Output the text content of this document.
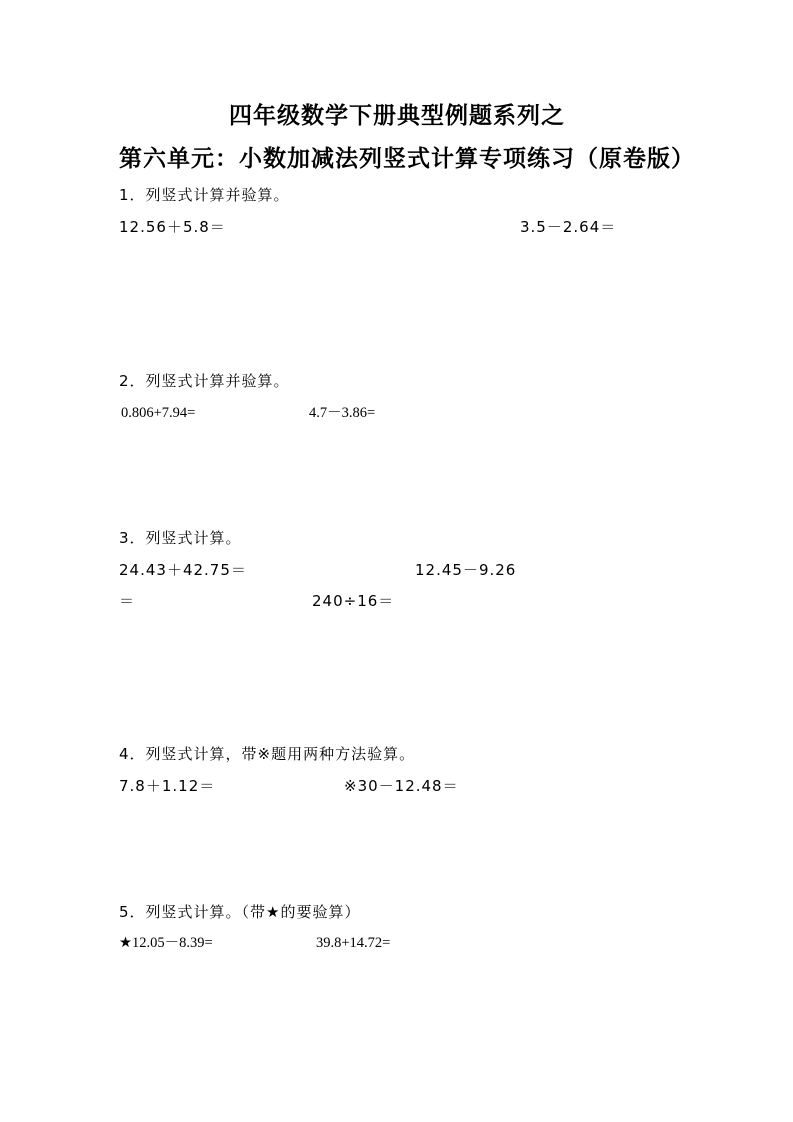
四年级数学下册典型例题系列之
第六单元：小数加减法列竖式计算专项练习（原卷版）
1．列竖式计算并验算。
12.56＋5.8＝	3.5－2.64＝
2．列竖式计算并验算。
0.806+7.94=	4.7－3.86=
3．列竖式计算。
24.43＋42.75＝	12.45－9.26
＝	240÷16＝
4．列竖式计算，带※题用两种方法验算。
7.8＋1.12＝	※30－12.48＝
5．列竖式计算。（带★的要验算）
★12.05－8.39=	39.8+14.72=
